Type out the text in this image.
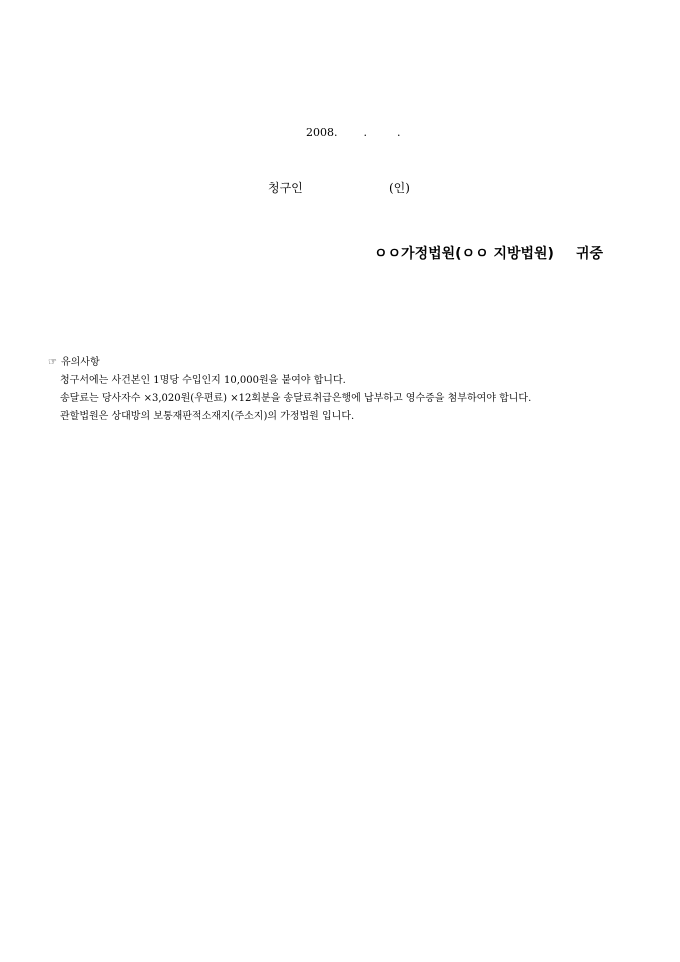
2008. .	.

청구인	(인)
ㅇㅇ가정법원(ㅇㅇ 지방법원) 귀중
☞ 유의사항
청구서에는 사건본인 1명당 수입인지 10,000원을 붙여야 합니다.
송달료는 당사자수 ×3,020원(우편료) ×12회분을 송달료취급은행에 납부하고 영수증을 첨부하여야 합니다.
관할법원은 상대방의 보통재판적소재지(주소지)의 가정법원 입니다.
